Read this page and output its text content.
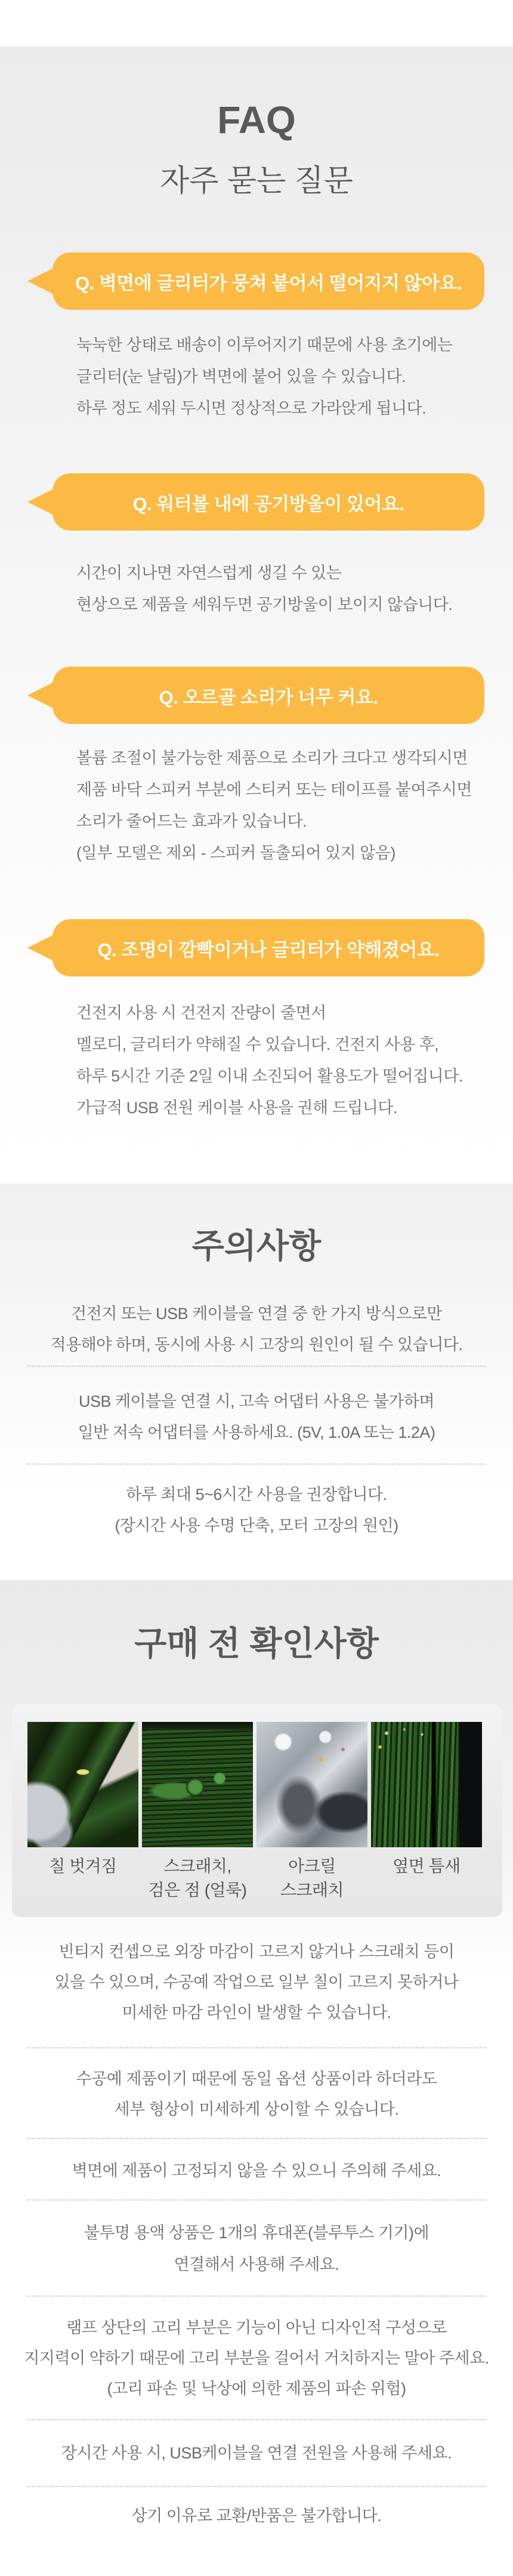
FAQ
자주 묻는 질문
Q. 벽면에 글리터가 뭉쳐 붙어서 떨어지지 않아요.
눅눅한 상태로 배송이 이루어지기 때문에 사용 초기에는
글리터(눈 날림)가 벽면에 붙어 있을 수 있습니다.
하루 정도 세워 두시면 정상적으로 가라앉게 됩니다.
Q. 워터볼 내에 공기방울이 있어요.
시간이 지나면 자연스럽게 생길 수 있는
현상으로 제품을 세워두면 공기방울이 보이지 않습니다.
Q. 오르골 소리가 너무 커요.
볼륨 조절이 불가능한 제품으로 소리가 크다고 생각되시면
제품 바닥 스피커 부분에 스티커 또는 테이프를 붙여주시면
소리가 줄어드는 효과가 있습니다.
(일부 모델은 제외 - 스피커 돌출되어 있지 않음)
Q. 조명이 깜빡이거나 글리터가 약해졌어요.
건전지 사용 시 건전지 잔량이 줄면서
멜로디, 글리터가 약해질 수 있습니다. 건전지 사용 후,
하루 5시간 기준 2일 이내 소진되어 활용도가 떨어집니다.
가급적 USB 전원 케이블 사용을 권해 드립니다.
주의사항
건전지 또는 USB 케이블을 연결 중 한 가지 방식으로만
적용해야 하며, 동시에 사용 시 고장의 원인이 될 수 있습니다.
USB 케이블을 연결 시, 고속 어댑터 사용은 불가하며
일반 저속 어댑터를 사용하세요. (5V, 1.0A 또는 1.2A)
하루 최대 5~6시간 사용을 권장합니다.
(장시간 사용 수명 단축, 모터 고장의 원인)
구매 전 확인사항
칠 벗겨짐	스크래치,
검은 점 (얼룩)
아크릴
스크래치
옆면 틈새
빈티지 컨셉으로 외장 마감이 고르지 않거나 스크래치 등이
있을 수 있으며, 수공예 작업으로 일부 칠이 고르지 못하거나
미세한 마감 라인이 발생할 수 있습니다.
수공예 제품이기 때문에 동일 옵션 상품이라 하더라도
세부 형상이 미세하게 상이할 수 있습니다.
벽면에 제품이 고정되지 않을 수 있으니 주의해 주세요.
불투명 용액 상품은 1개의 휴대폰(블루투스 기기)에
연결해서 사용해 주세요.
램프 상단의 고리 부분은 기능이 아닌 디자인적 구성으로
지지력이 약하기 때문에 고리 부분을 걸어서 거치하지는 말아 주세요.
(고리 파손 및 낙상에 의한 제품의 파손 위험)
장시간 사용 시, USB케이블을 연결 전원을 사용해 주세요.
상기 이유로 교환/반품은 불가합니다.
